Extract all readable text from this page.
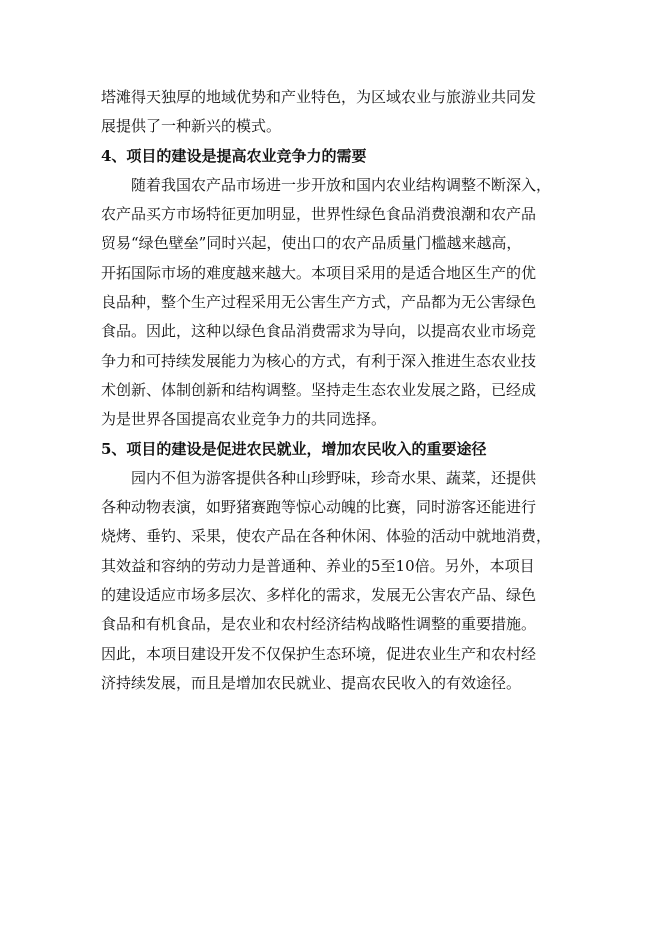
塔滩得天独厚的地域优势和产业特色，为区域农业与旅游业共同发
展提供了一种新兴的模式。
4、项目的建设是提高农业竞争力的需要
随着我国农产品市场进一步开放和国内农业结构调整不断深入，
农产品买方市场特征更加明显，世界性绿色食品消费浪潮和农产品
贸易“绿色壁垒”同时兴起，使出口的农产品质量门槛越来越高，
开拓国际市场的难度越来越大。本项目采用的是适合地区生产的优
良品种，整个生产过程采用无公害生产方式，产品都为无公害绿色
食品。因此，这种以绿色食品消费需求为导向，以提高农业市场竞
争力和可持续发展能力为核心的方式，有利于深入推进生态农业技
术创新、体制创新和结构调整。坚持走生态农业发展之路，已经成
为是世界各国提高农业竞争力的共同选择。
5、项目的建设是促进农民就业，增加农民收入的重要途径
园内不但为游客提供各种山珍野味，珍奇水果、蔬菜，还提供
各种动物表演，如野猪赛跑等惊心动魄的比赛，同时游客还能进行
烧烤、垂钓、采果，使农产品在各种休闲、体验的活动中就地消费，
其效益和容纳的劳动力是普通种、养业的5至10倍。另外，本项目
的建设适应市场多层次、多样化的需求，发展无公害农产品、绿色
食品和有机食品，是农业和农村经济结构战略性调整的重要措施。
因此，本项目建设开发不仅保护生态环境，促进农业生产和农村经
济持续发展，而且是增加农民就业、提高农民收入的有效途径。
